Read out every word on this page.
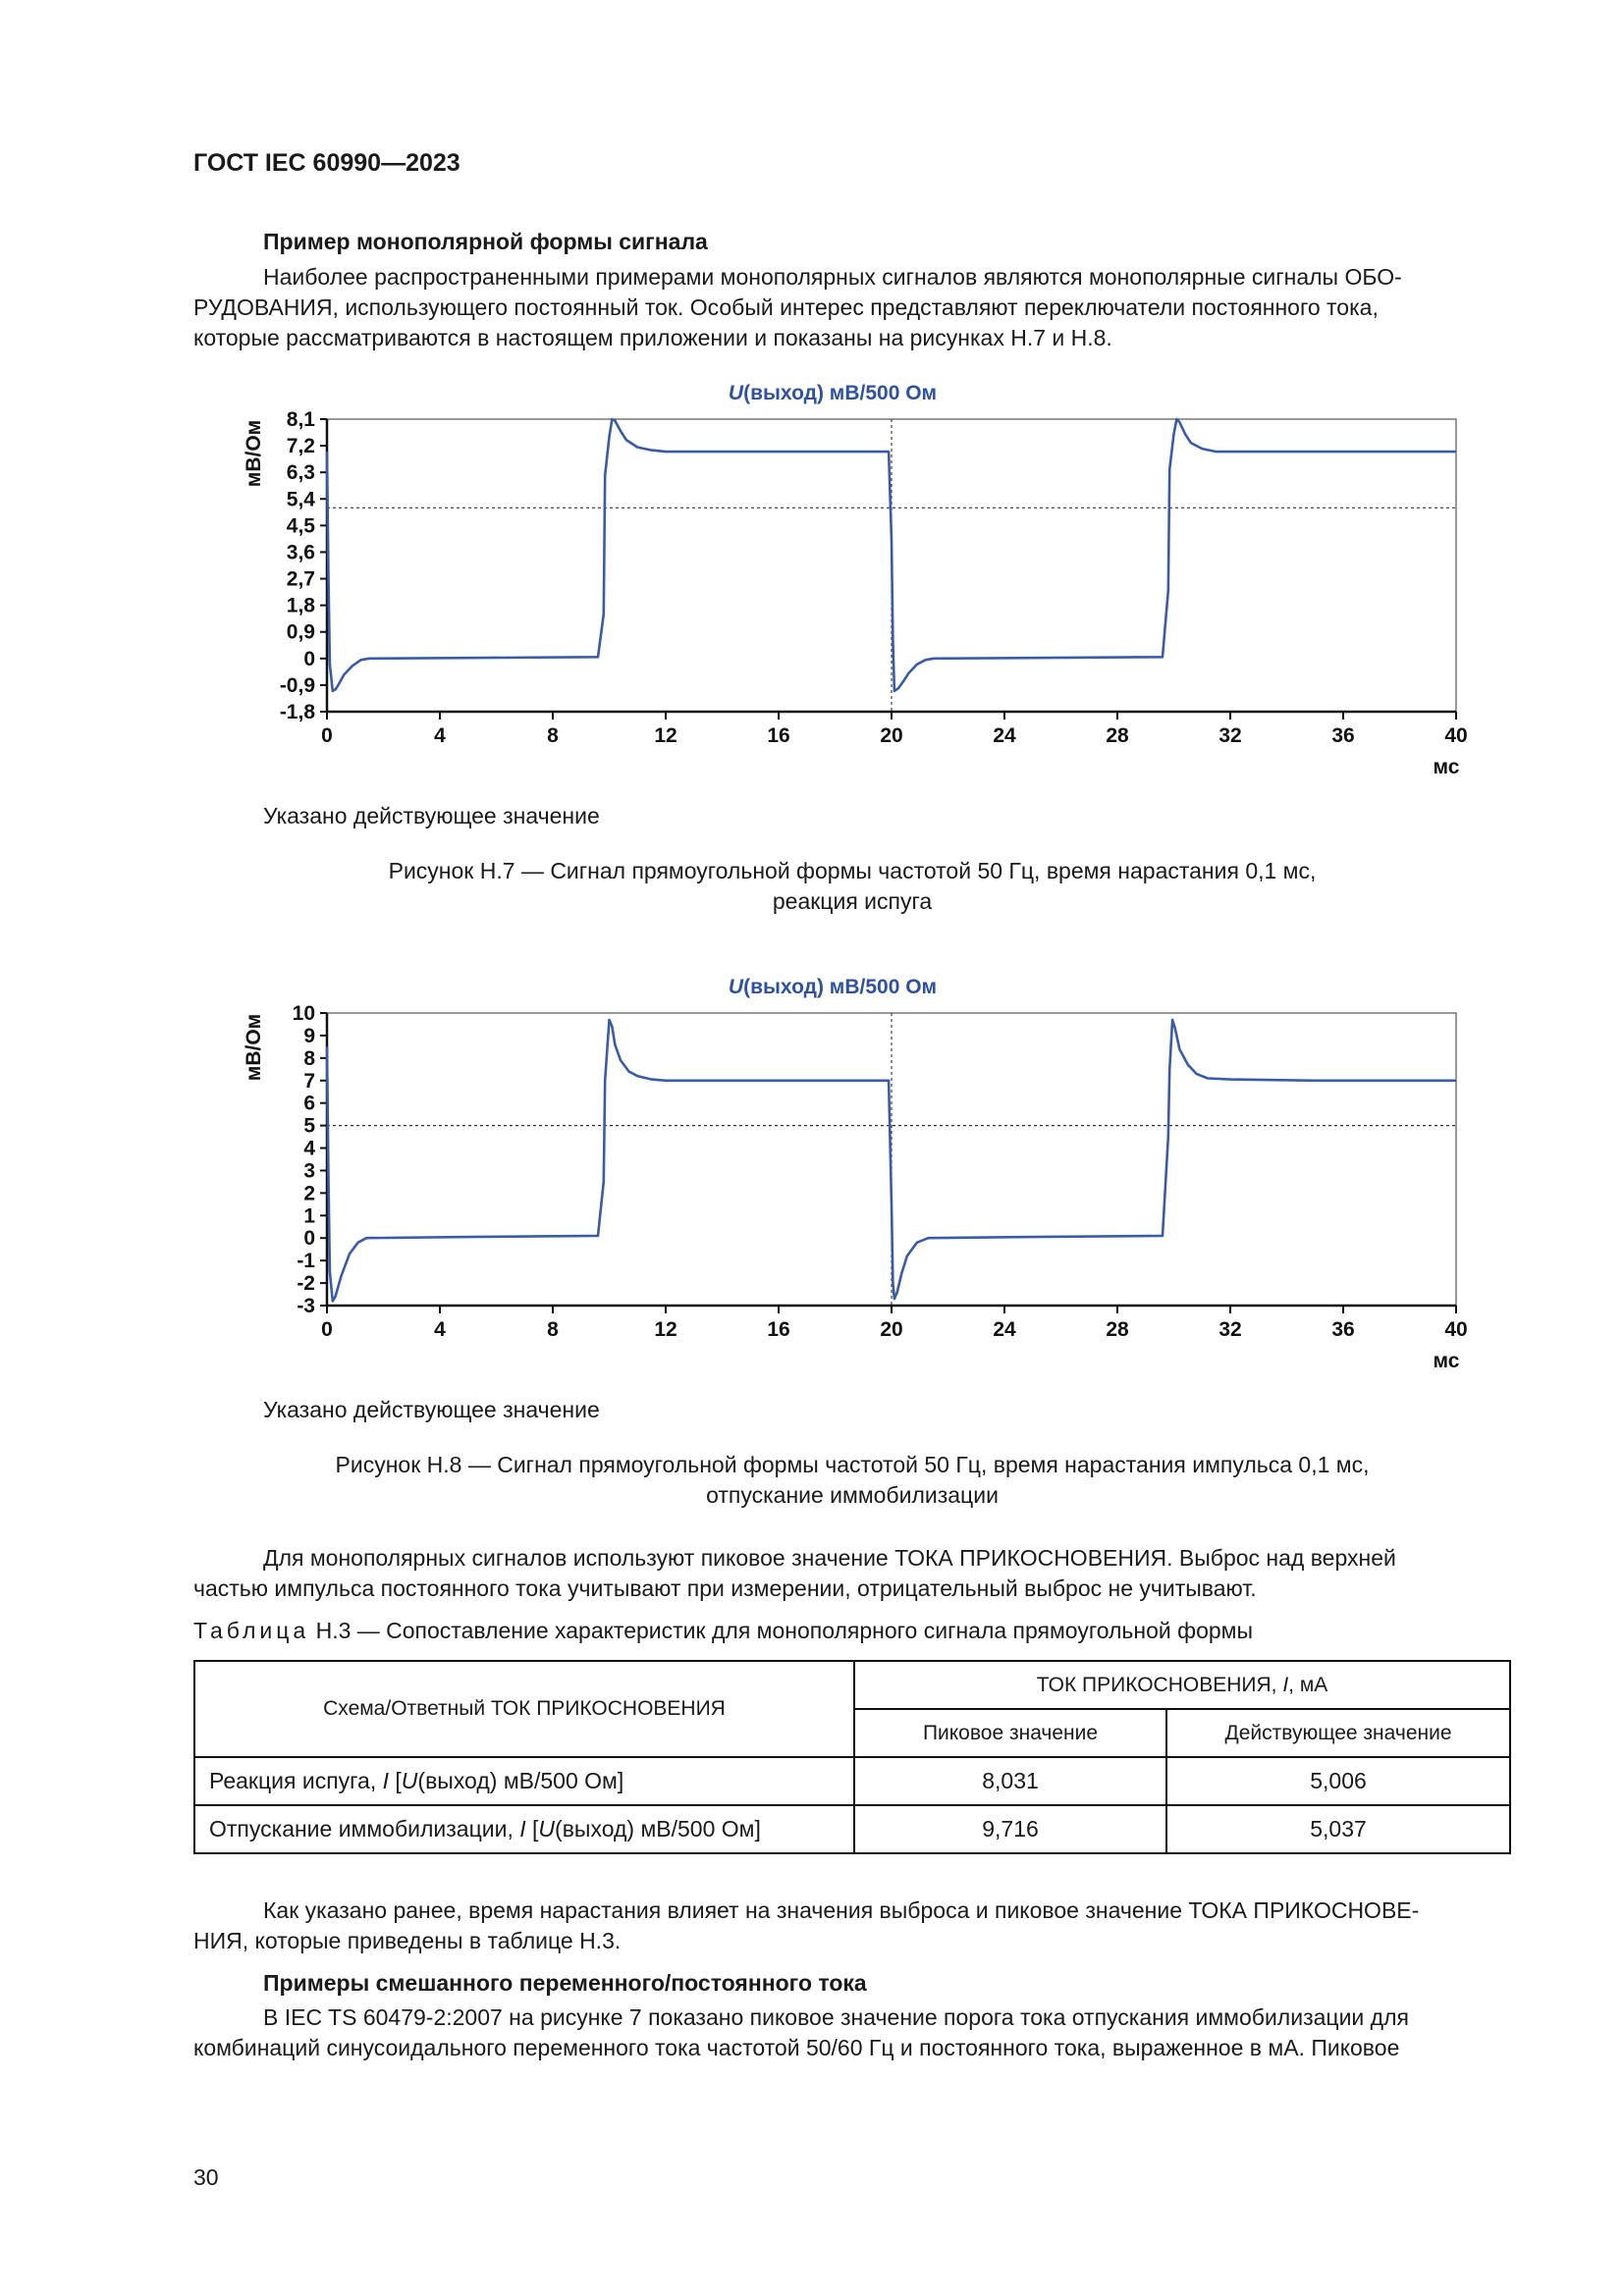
ГОСТ IEC 60990—2023
Пример монополярной формы сигнала
Наиболее распространенными примерами монополярных сигналов являются монополярные сигналы ОБО-
РУДОВАНИЯ, использующего постоянный ток. Особый интерес представляют переключатели постоянного тока,
которые рассматриваются в настоящем приложении и показаны на рисунках Н.7 и Н.8.
U(выход) мВ/500 Ом
8,1
7,2
6,3
5,4
4,5
3,6
2,7
1,8
0,9
0
-0,9
-1,8
0	4	8	12	16	20	24	28	32	36	40
мВ/Ом
мс
Указано действующее значение
Рисунок Н.7 — Сигнал прямоугольной формы частотой 50 Гц, время нарастания 0,1 мс,
реакция испуга
U(выход) мВ/500 Ом
10
9
8
7
6
5
4
3
2
1
0
-1
-2
-3
0	4	8	12	16	20	24	28	32	36	40
мВ/Ом
мс
Указано действующее значение
Рисунок Н.8 — Сигнал прямоугольной формы частотой 50 Гц, время нарастания импульса 0,1 мс,
отпускание иммобилизации
Для монополярных сигналов используют пиковое значение ТОКА ПРИКОСНОВЕНИЯ. Выброс над верхней
частью импульса постоянного тока учитывают при измерении, отрицательный выброс не учитывают.
Таблица Н.3 — Сопоставление характеристик для монополярного сигнала прямоугольной формы
Схема/Ответный ТОК ПРИКОСНОВЕНИЯ	ТОК ПРИКОСНОВЕНИЯ, I, мА	
	Пиковое значение	Действующее значение
Реакция испуга, I [U(выход) мВ/500 Ом]	8,031	5,006
Отпускание иммобилизации, I [U(выход) мВ/500 Ом]	9,716	5,037
Как указано ранее, время нарастания влияет на значения выброса и пиковое значение ТОКА ПРИКОСНОВЕ-
НИЯ, которые приведены в таблице Н.3.
Примеры смешанного переменного/постоянного тока
В IEC TS 60479-2:2007 на рисунке 7 показано пиковое значение порога тока отпускания иммобилизации для
комбинаций синусоидального переменного тока частотой 50/60 Гц и постоянного тока, выраженное в мА. Пиковое
30
